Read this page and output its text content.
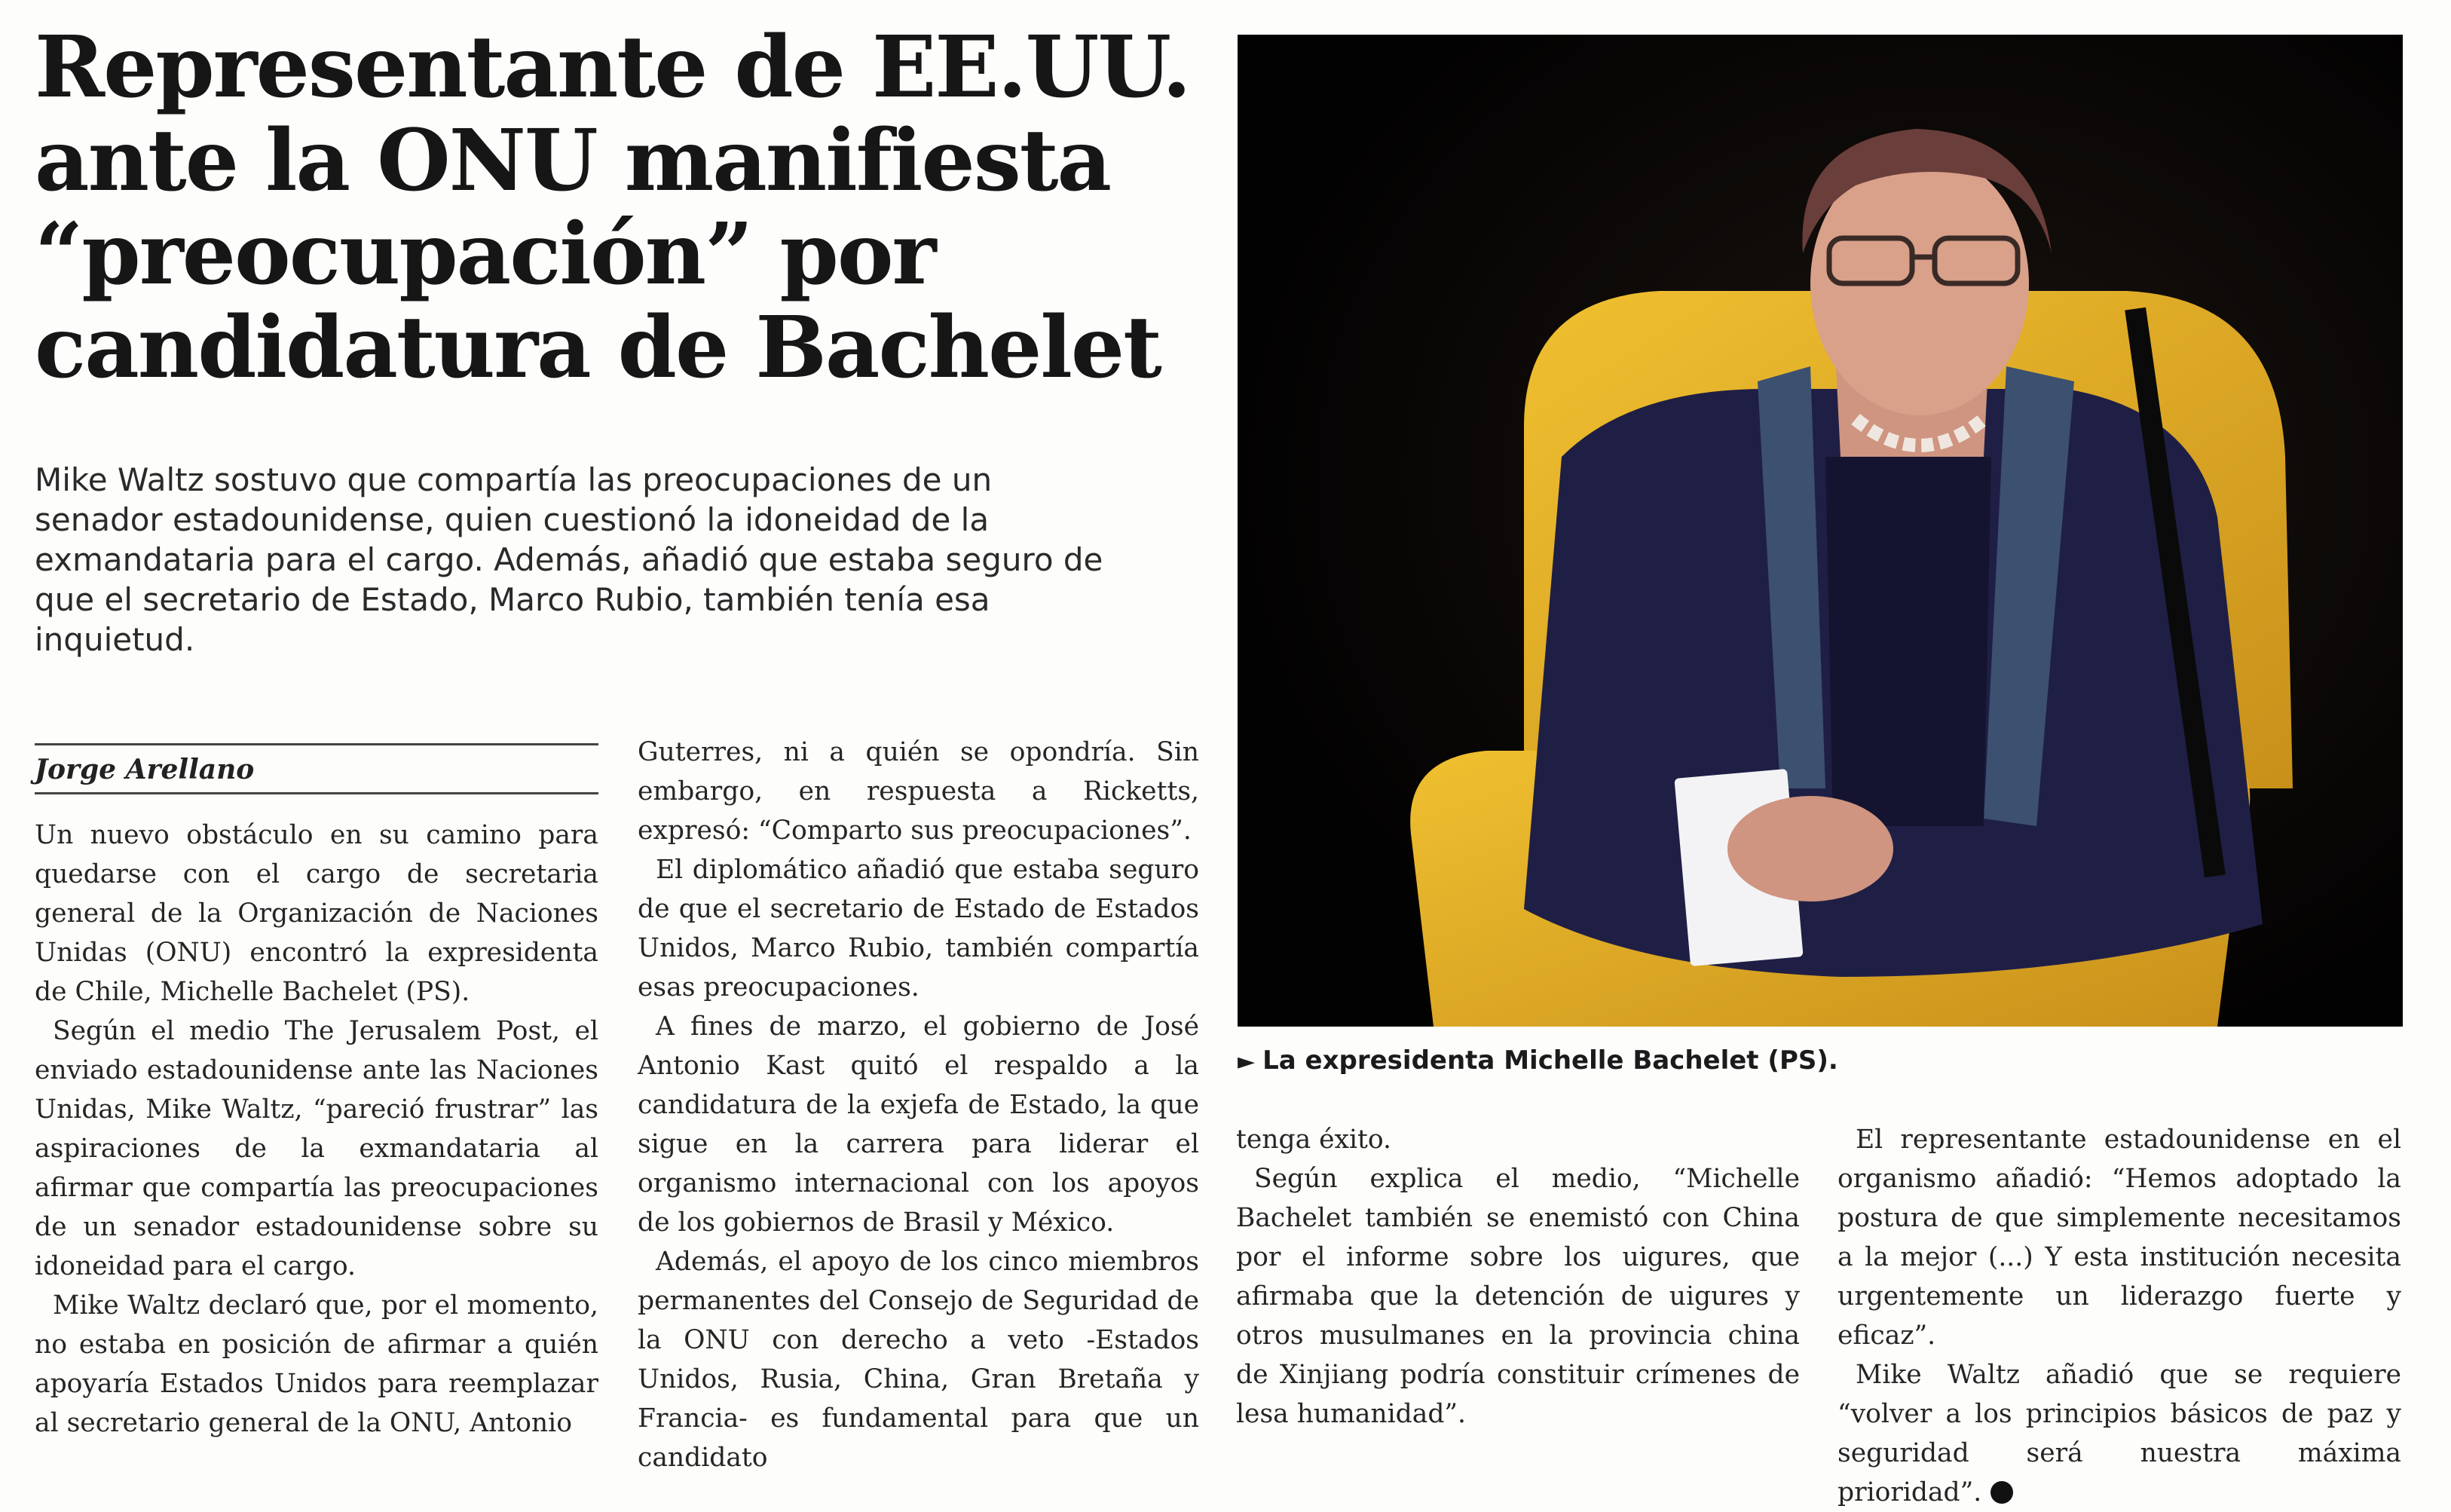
Representante de EE.UU.
ante la ONU manifiesta
“preocupación” por
candidatura de Bachelet

Mike Waltz sostuvo que compartía las preocupaciones de un senador estadounidense, quien cuestionó la idoneidad de la exmandataria para el cargo. Además, añadió que estaba seguro de que el secretario de Estado, Marco Rubio, también tenía esa inquietud.

Jorge Arellano

Un nuevo obstáculo en su camino para quedarse con el cargo de secretaria general de la Organización de Naciones Unidas (ONU) encontró la expresidenta de Chile, Michelle Bachelet (PS).

Según el medio The Jerusalem Post, el enviado estadounidense ante las Naciones Unidas, Mike Waltz, “pareció frustrar” las aspiraciones de la exmandataria al afirmar que compartía las preocupaciones de un senador estadounidense sobre su idoneidad para el cargo.

Mike Waltz declaró que, por el momento, no estaba en posición de afirmar a quién apoyaría Estados Unidos para reemplazar al secretario general de la ONU, Antonio

Guterres, ni a quién se opondría. Sin embargo, en respuesta a Ricketts, expresó: “Comparto sus preocupaciones”.

El diplomático añadió que estaba seguro de que el secretario de Estado de Estados Unidos, Marco Rubio, también compartía esas preocupaciones.

A fines de marzo, el gobierno de José Antonio Kast quitó el respaldo a la candidatura de la exjefa de Estado, la que sigue en la carrera para liderar el organismo internacional con los apoyos de los gobiernos de Brasil y México.

Además, el apoyo de los cinco miembros permanentes del Consejo de Seguridad de la ONU con derecho a veto -Estados Unidos, Rusia, China, Gran Bretaña y Francia- es fundamental para que un candidato

► La expresidenta Michelle Bachelet (PS).

tenga éxito.

Según explica el medio, “Michelle Bachelet también se enemistó con China por el informe sobre los uigures, que afirmaba que la detención de uigures y otros musulmanes en la provincia china de Xinjiang podría constituir crímenes de lesa humanidad”.

El representante estadounidense en el organismo añadió: “Hemos adoptado la postura de que simplemente necesitamos a la mejor (...) Y esta institución necesita urgentemente un liderazgo fuerte y eficaz”.

Mike Waltz añadió que se requiere “volver a los principios básicos de paz y seguridad será nuestra máxima prioridad”.
